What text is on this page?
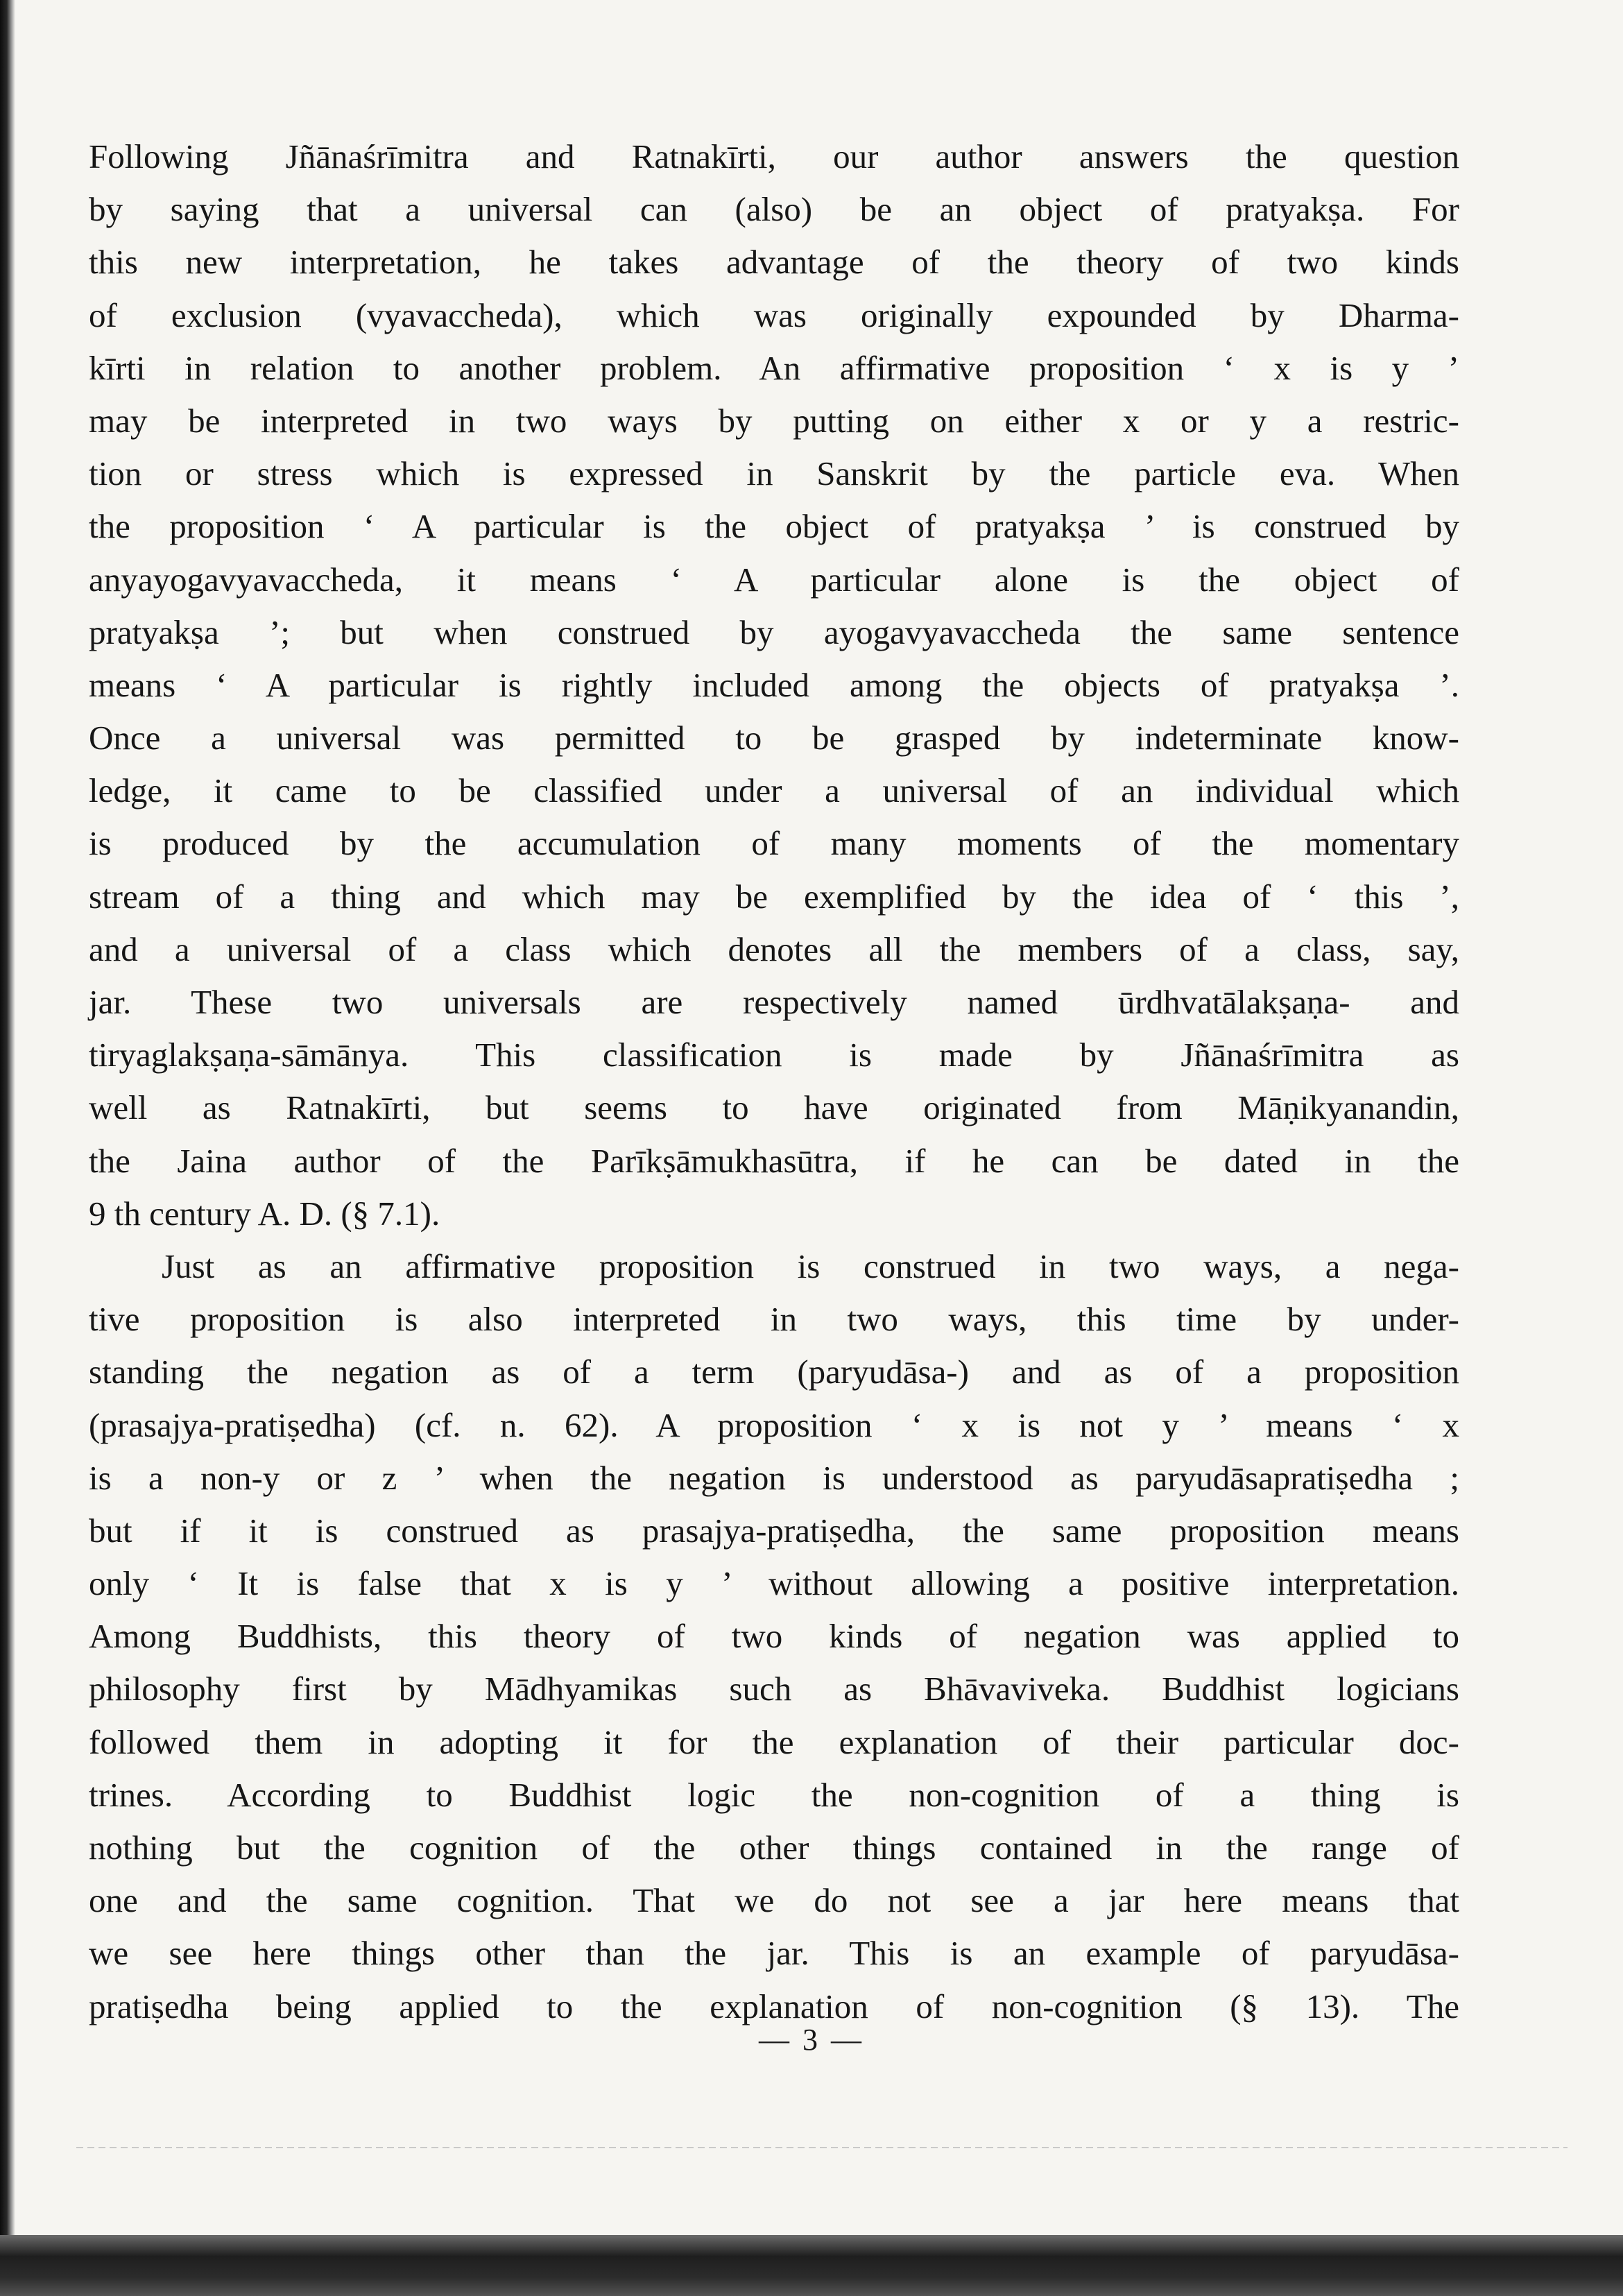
Following Jñānaśrīmitra and Ratnakīrti, our author answers the question
by saying that a universal can (also) be an object of pratyakṣa. For
this new interpretation, he takes advantage of the theory of two kinds
of exclusion (vyavaccheda), which was originally expounded by Dharma-
kīrti in relation to another problem. An affirmative proposition ‘ x is y ’
may be interpreted in two ways by putting on either x or y a restric-
tion or stress which is expressed in Sanskrit by the particle eva. When
the proposition ‘ A particular is the object of pratyakṣa ’ is construed by
anyayogavyavaccheda, it means ‘ A particular alone is the object of
pratyakṣa ’; but when construed by ayogavyavaccheda the same sentence
means ‘ A particular is rightly included among the objects of pratyakṣa ’.
Once a universal was permitted to be grasped by indeterminate know-
ledge, it came to be classified under a universal of an individual which
is produced by the accumulation of many moments of the momentary
stream of a thing and which may be exemplified by the idea of ‘ this ’,
and a universal of a class which denotes all the members of a class, say,
jar. These two universals are respectively named ūrdhvatālakṣaṇa- and
tiryaglakṣaṇa-sāmānya. This classification is made by Jñānaśrīmitra as
well as Ratnakīrti, but seems to have originated from Māṇikyanandin,
the Jaina author of the Parīkṣāmukhasūtra, if he can be dated in the
9 th century A. D. (§ 7.1).
Just as an affirmative proposition is construed in two ways, a nega-
tive proposition is also interpreted in two ways, this time by under-
standing the negation as of a term (paryudāsa-) and as of a proposition
(prasajya-pratiṣedha) (cf. n. 62). A proposition ‘ x is not y ’ means ‘ x
is a non-y or z ’ when the negation is understood as paryudāsapratiṣedha ;
but if it is construed as prasajya-pratiṣedha, the same proposition means
only ‘ It is false that x is y ’ without allowing a positive interpretation.
Among Buddhists, this theory of two kinds of negation was applied to
philosophy first by Mādhyamikas such as Bhāvaviveka. Buddhist logicians
followed them in adopting it for the explanation of their particular doc-
trines. According to Buddhist logic the non-cognition of a thing is
nothing but the cognition of the other things contained in the range of
one and the same cognition. That we do not see a jar here means that
we see here things other than the jar. This is an example of paryudāsa-
pratiṣedha being applied to the explanation of non-cognition (§ 13). The
— 3 —
